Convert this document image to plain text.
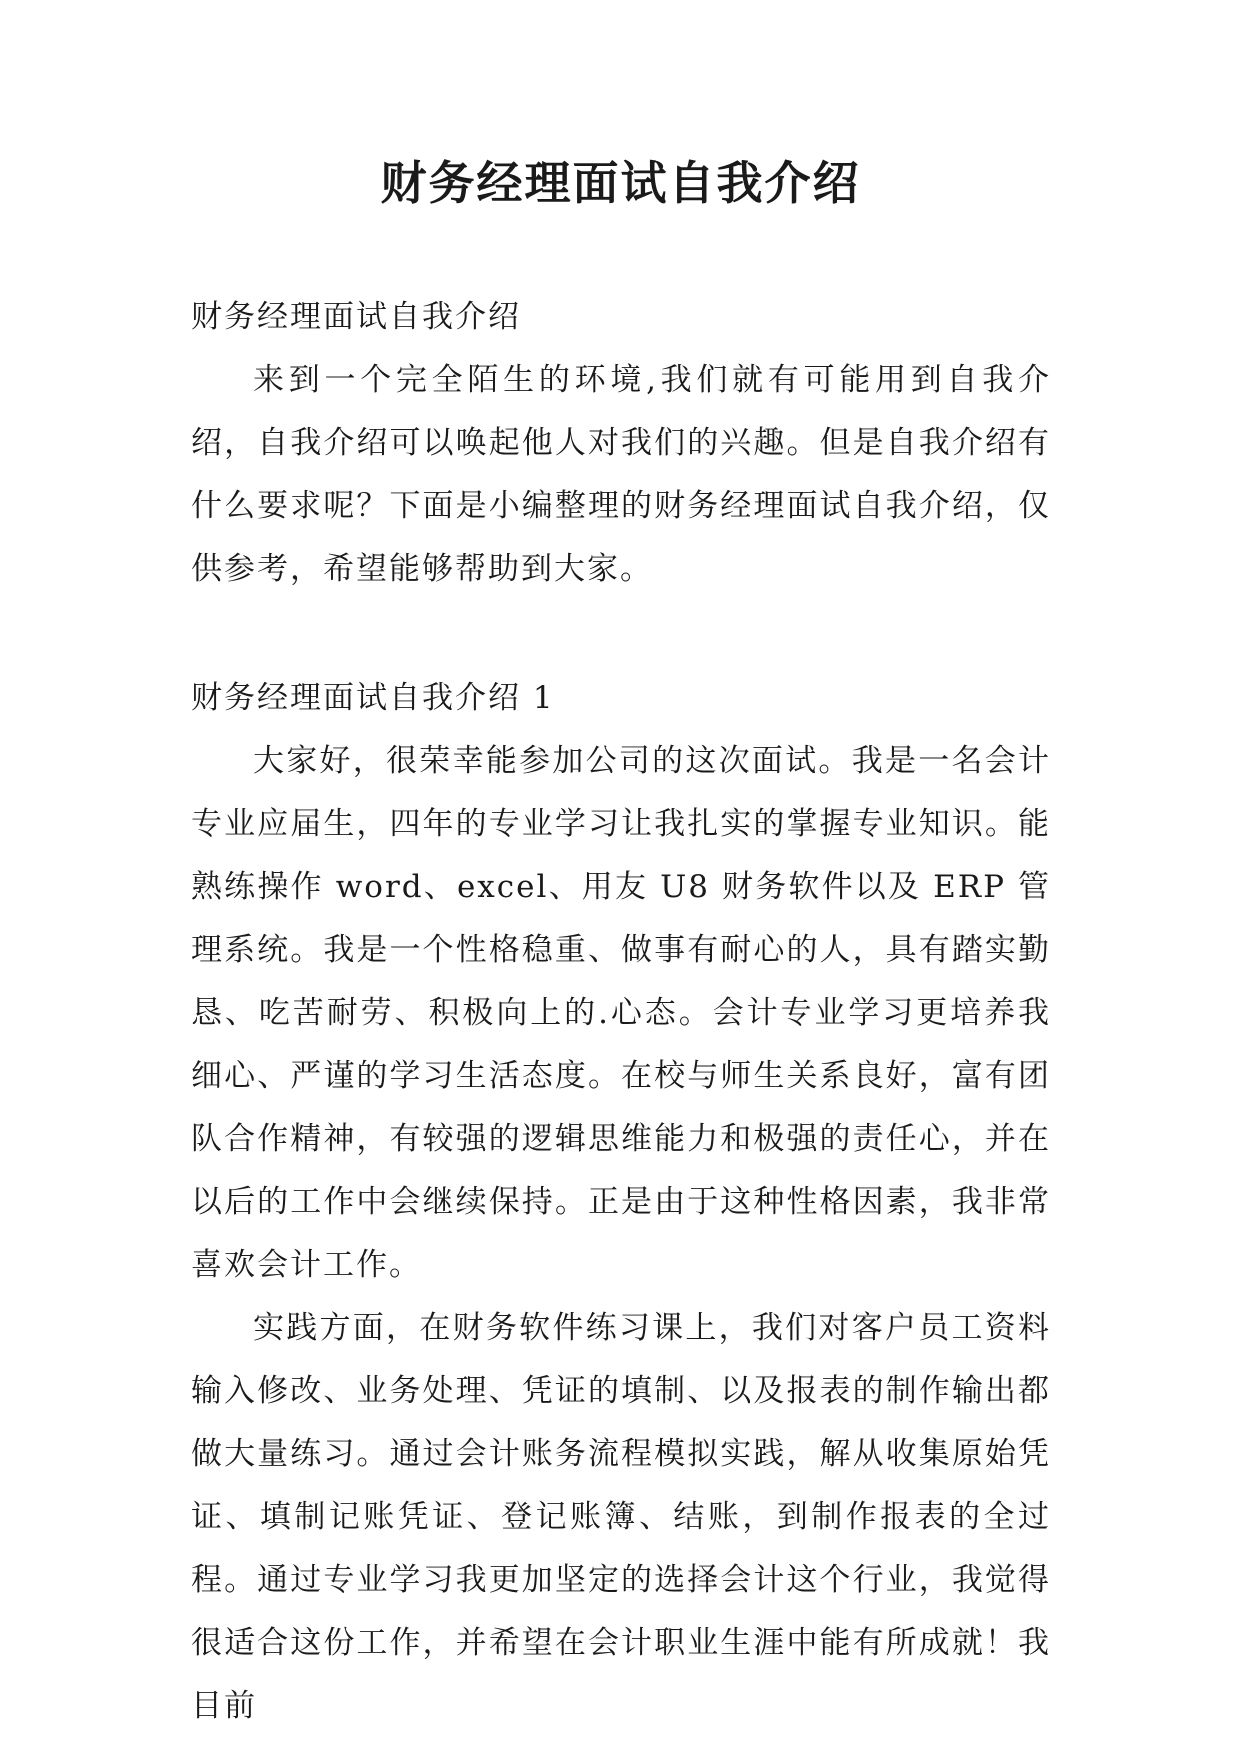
财务经理面试自我介绍

财务经理面试自我介绍

来到一个完全陌生的环境,我们就有可能用到自我介绍，自我介绍可以唤起他人对我们的兴趣。但是自我介绍有什么要求呢？下面是小编整理的财务经理面试自我介绍，仅供参考，希望能够帮助到大家。

财务经理面试自我介绍 1

大家好，很荣幸能参加公司的这次面试。我是一名会计专业应届生，四年的专业学习让我扎实的掌握专业知识。能熟练操作 word、excel、用友 U8 财务软件以及 ERP 管理系统。我是一个性格稳重、做事有耐心的人，具有踏实勤恳、吃苦耐劳、积极向上的.心态。会计专业学习更培养我细心、严谨的学习生活态度。在校与师生关系良好，富有团队合作精神，有较强的逻辑思维能力和极强的责任心，并在以后的工作中会继续保持。正是由于这种性格因素，我非常喜欢会计工作。

实践方面，在财务软件练习课上，我们对客户员工资料输入修改、业务处理、凭证的填制、以及报表的制作输出都做大量练习。通过会计账务流程模拟实践，解从收集原始凭证、填制记账凭证、登记账簿、结账，到制作报表的全过程。通过专业学习我更加坚定的选择会计这个行业，我觉得很适合这份工作，并希望在会计职业生涯中能有所成就！我目前
